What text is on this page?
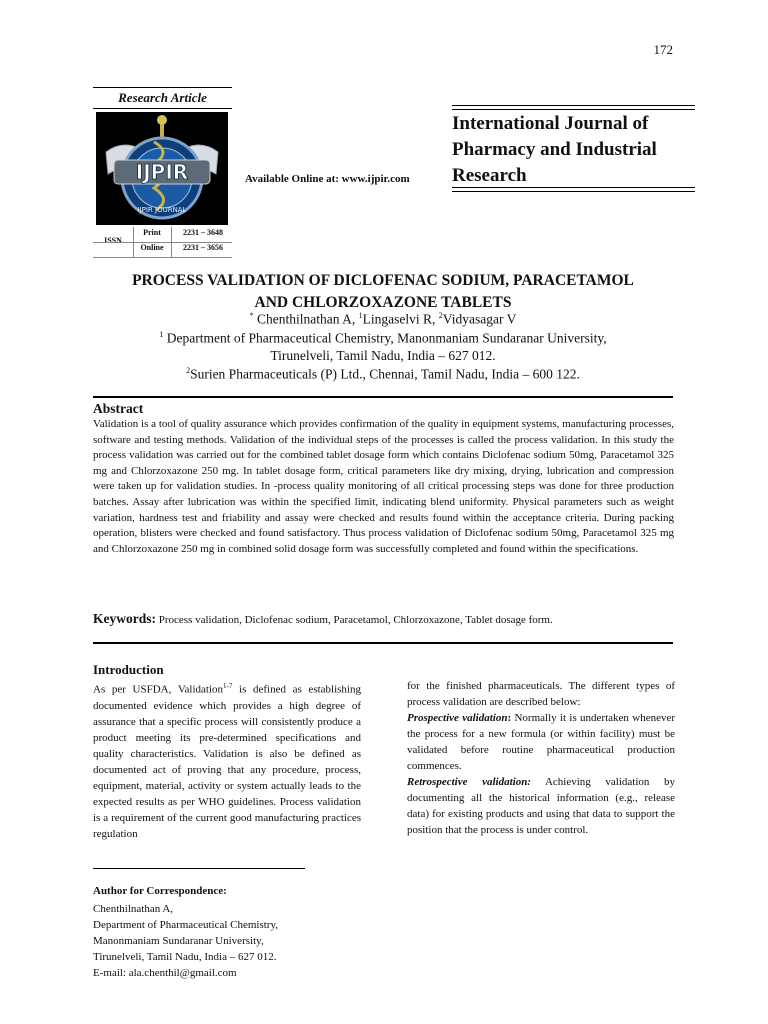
172
Research Article
IJPIR
IJPIR JOURNAL
ISSN
Print	2231 – 3648
Online	2231 – 3656
Available Online at: www.ijpir.com
International Journal of
Pharmacy and Industrial
Research
PROCESS VALIDATION OF DICLOFENAC SODIUM, PARACETAMOL
AND CHLORZOXAZONE TABLETS
* Chenthilnathan A, $^1$Lingaselvi R, $^2$Vidyasagar V
$^1$ Department of Pharmaceutical Chemistry, Manonmaniam Sundaranar University,
Tirunelveli, Tamil Nadu, India – 627 012.
$^2$Surien Pharmaceuticals (P) Ltd., Chennai, Tamil Nadu, India – 600 122.
Abstract
Validation is a tool of quality assurance which provides confirmation of the quality in equipment systems, manufacturing processes, software and testing methods. Validation of the individual steps of the processes is called the process validation. In this study the process validation was carried out for the combined tablet dosage form which contains Diclofenac sodium 50mg, Paracetamol 325 mg and Chlorzoxazone 250 mg. In tablet dosage form, critical parameters like dry mixing, drying, lubrication and compression were taken up for validation studies. In -process quality monitoring of all critical processing steps was done for three production batches. Assay after lubrication was within the specified limit, indicating blend uniformity. Physical parameters such as weight variation, hardness test and friability and assay were checked and results found within the acceptance criteria. During packing operation, blisters were checked and found satisfactory. Thus process validation of Diclofenac sodium 50mg, Paracetamol 325 mg and Chlorzoxazone 250 mg in combined solid dosage form was successfully completed and found within the specifications.
Keywords: Process validation, Diclofenac sodium, Paracetamol, Chlorzoxazone, Tablet dosage form.
Introduction
As per USFDA, Validation$^{1-7}$ is defined as establishing documented evidence which provides a high degree of assurance that a specific process will consistently produce a product meeting its pre-determined specifications and quality characteristics. Validation is also be defined as documented act of proving that any procedure, process, equipment, material, activity or system actually leads to the expected results as per WHO guidelines. Process validation is a requirement of the current good manufacturing practices regulation
for the finished pharmaceuticals. The different types of process validation are described below:
Prospective validation: Normally it is undertaken whenever the process for a new formula (or within facility) must be validated before routine pharmaceutical production commences.
Retrospective validation: Achieving validation by documenting all the historical information (e.g., release data) for existing products and using that data to support the position that the process is under control.
Author for Correspondence:
Chenthilnathan A,
Department of Pharmaceutical Chemistry,
Manonmaniam Sundaranar University,
Tirunelveli, Tamil Nadu, India – 627 012.
E-mail: ala.chenthil@gmail.com
